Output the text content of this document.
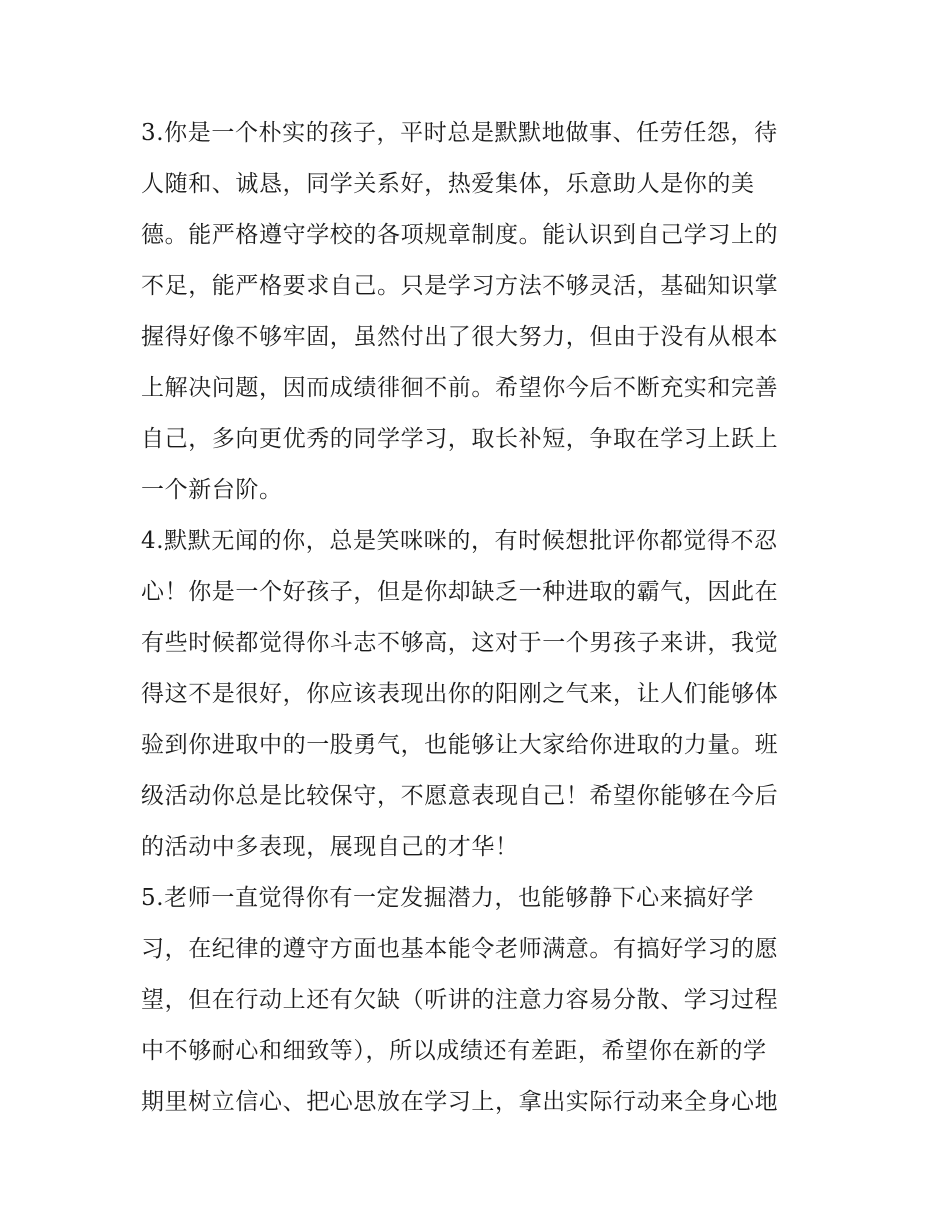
3.你是一个朴实的孩子，平时总是默默地做事、任劳任怨，待
人随和、诚恳，同学关系好，热爱集体，乐意助人是你的美
德。能严格遵守学校的各项规章制度。能认识到自己学习上的
不足，能严格要求自己。只是学习方法不够灵活，基础知识掌
握得好像不够牢固，虽然付出了很大努力，但由于没有从根本
上解决问题，因而成绩徘徊不前。希望你今后不断充实和完善
自己，多向更优秀的同学学习，取长补短，争取在学习上跃上
一个新台阶。
4.默默无闻的你，总是笑咪咪的，有时候想批评你都觉得不忍
心！你是一个好孩子，但是你却缺乏一种进取的霸气，因此在
有些时候都觉得你斗志不够高，这对于一个男孩子来讲，我觉
得这不是很好，你应该表现出你的阳刚之气来，让人们能够体
验到你进取中的一股勇气，也能够让大家给你进取的力量。班
级活动你总是比较保守，不愿意表现自己！希望你能够在今后
的活动中多表现，展现自己的才华！
5.老师一直觉得你有一定发掘潜力，也能够静下心来搞好学
习，在纪律的遵守方面也基本能令老师满意。有搞好学习的愿
望，但在行动上还有欠缺（听讲的注意力容易分散、学习过程
中不够耐心和细致等），所以成绩还有差距，希望你在新的学
期里树立信心、把心思放在学习上，拿出实际行动来全身心地
